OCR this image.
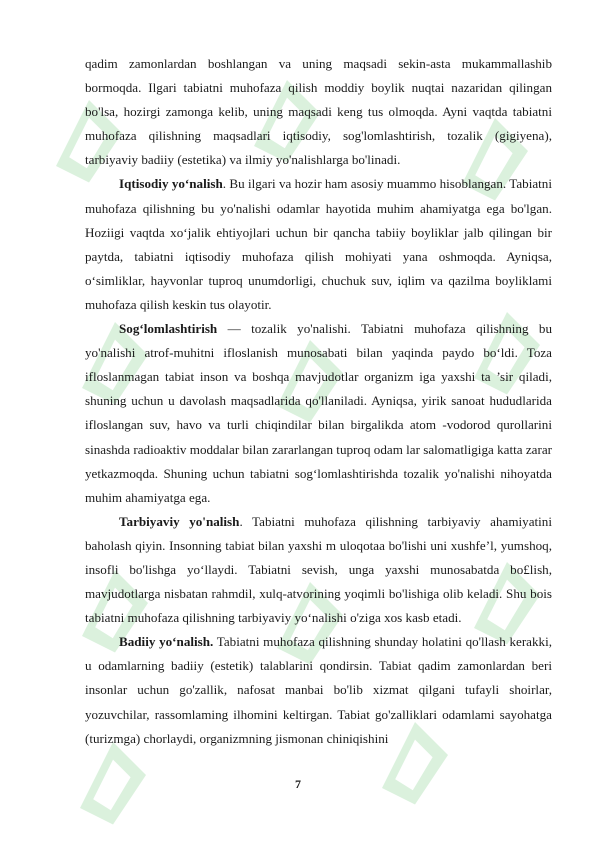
qadim zamonlardan boshlangan va uning maqsadi sekin-asta mukammallashib bormoqda. Ilgari tabiatni muhofaza qilish moddiy boylik nuqtai nazaridan qilingan bo'lsa, hozirgi zamonga kelib, uning maqsadi keng tus olmoqda. Ayni vaqtda tabiatni muhofaza qilishning maqsadlari iqtisodiy, sog'lomlashtirish, tozalik (gigiyena), tarbiyaviy badiiy (estetika) va ilmiy yo'nalishlarga bo'linadi.

Iqtisodiy yo‘nalish. Bu ilgari va hozir ham asosiy muammo hisoblangan. Tabiatni muhofaza qilishning bu yo'nalishi odamlar hayotida muhim ahamiyatga ega bo'lgan. Hoziigi vaqtda xo‘jalik ehtiyojlari uchun bir qancha tabiiy boyliklar jalb qilingan bir paytda, tabiatni iqtisodiy muhofaza qilish mohiyati yana oshmoqda. Ayniqsa, o‘simliklar, hayvonlar tuproq unumdorligi, chuchuk suv, iqlim va qazilma boyliklami muhofaza qilish keskin tus olayotir.

Sog‘lomlashtirish — tozalik yo'nalishi. Tabiatni muhofaza qilishning bu yo'nalishi atrof-muhitni ifloslanish munosabati bilan yaqinda paydo bo‘ldi. Toza ifloslanmagan tabiat inson va boshqa mavjudotlar organizm iga yaxshi ta ’sir qiladi, shuning uchun u davolash maqsadlarida qo'llaniladi. Ayniqsa, yirik sanoat hududlarida ifloslangan suv, havo va turli chiqindilar bilan birgalikda atom -vodorod qurollarini sinashda radioaktiv moddalar bilan zararlangan tuproq odam lar salomatligiga katta zarar yetkazmoqda. Shuning uchun tabiatni sog‘lomlashtirishda tozalik yo'nalishi nihoyatda muhim ahamiyatga ega.

Tarbiyaviy yo'nalish. Tabiatni muhofaza qilishning tarbiyaviy ahamiyatini baholash qiyin. Insonning tabiat bilan yaxshi m uloqotaa bo'lishi uni xushfe’l, yumshoq, insofli bo'lishga yo‘llaydi. Tabiatni sevish, unga yaxshi munosabatda bo£lish, mavjudotlarga nisbatan rahmdil, xulq-atvorining yoqimli bo'lishiga olib keladi. Shu bois tabiatni muhofaza qilishning tarbiyaviy yo‘nalishi o'ziga xos kasb etadi.

Badiiy yo‘nalish. Tabiatni muhofaza qilishning shunday holatini qo'llash kerakki, u odamlarning badiiy (estetik) talablarini qondirsin. Tabiat qadim zamonlardan beri insonlar uchun go'zallik, nafosat manbai bo'lib xizmat qilgani tufayli shoirlar, yozuvchilar, rassomlaming ilhomini keltirgan. Tabiat go'zalliklari odamlami sayohatga (turizmga) chorlaydi, organizmning jismonan chiniqishini

7
